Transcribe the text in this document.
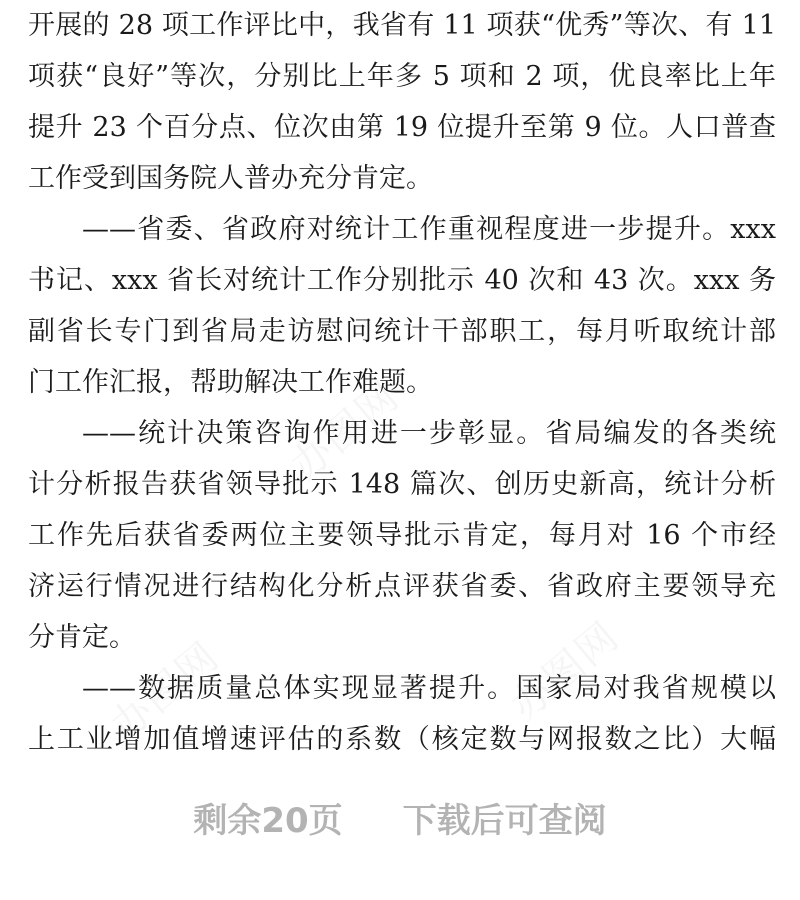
办图网
办图网	办图网
开展的 28 项工作评比中，我省有 11 项获“优秀”等次、有 11
项获“良好”等次，分别比上年多 5 项和 2 项，优良率比上年
提升 23 个百分点、位次由第 19 位提升至第 9 位。人口普查
工作受到国务院人普办充分肯定。
——省委、省政府对统计工作重视程度进一步提升。xxx
书记、xxx 省长对统计工作分别批示 40 次和 43 次。xxx 务
副省长专门到省局走访慰问统计干部职工，每月听取统计部
门工作汇报，帮助解决工作难题。
——统计决策咨询作用进一步彰显。省局编发的各类统
计分析报告获省领导批示 148 篇次、创历史新高，统计分析
工作先后获省委两位主要领导批示肯定，每月对 16 个市经
济运行情况进行结构化分析点评获省委、省政府主要领导充
分肯定。
——数据质量总体实现显著提升。国家局对我省规模以
上工业增加值增速评估的系数（核定数与网报数之比）大幅
剩余20页 下载后可查阅
